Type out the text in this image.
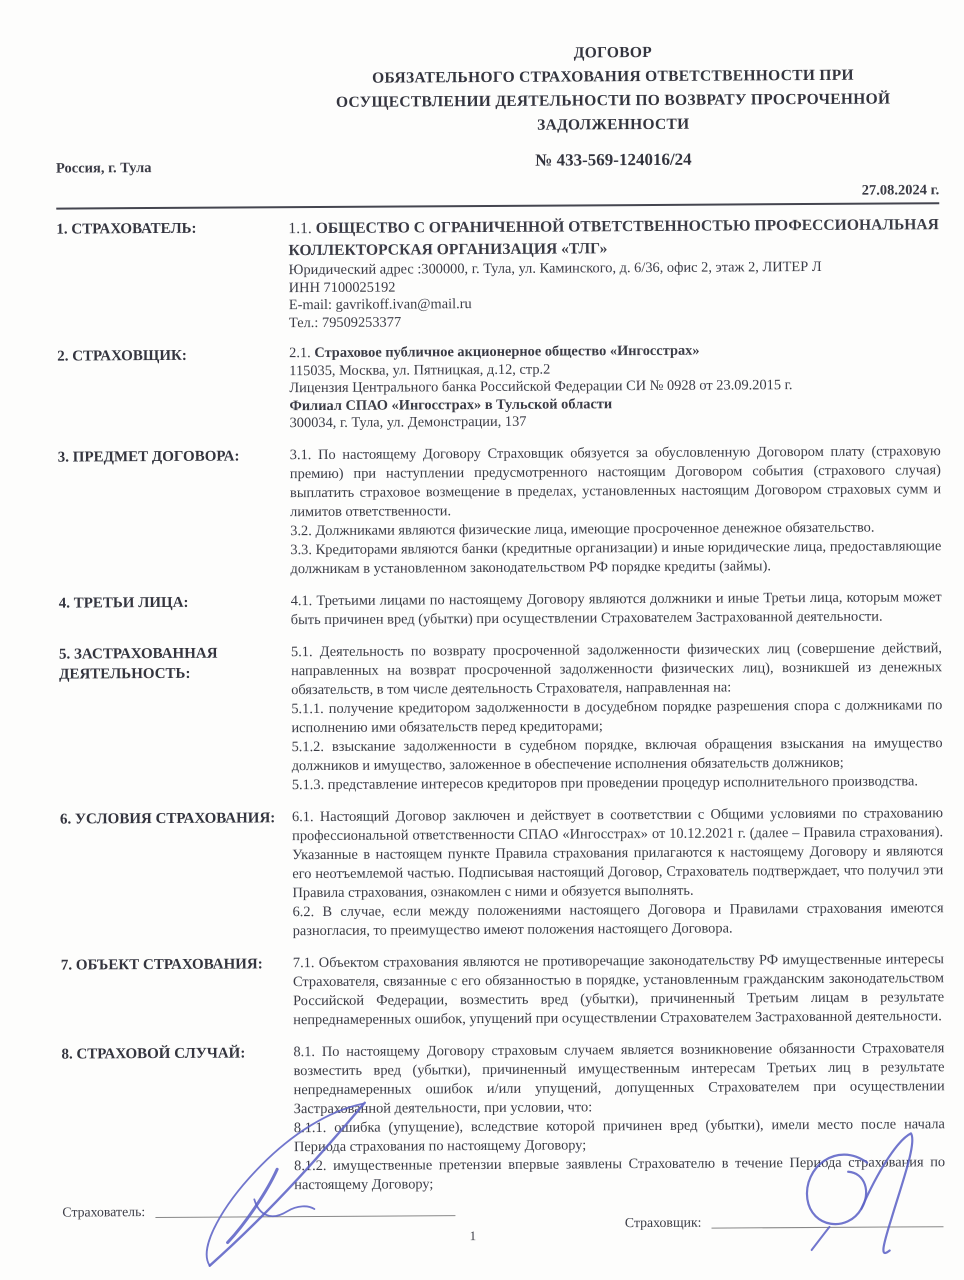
ДОГОВОР
ОБЯЗАТЕЛЬНОГО СТРАХОВАНИЯ ОТВЕТСТВЕННОСТИ ПРИ
ОСУЩЕСТВЛЕНИИ ДЕЯТЕЛЬНОСТИ ПО ВОЗВРАТУ ПРОСРОЧЕННОЙ
ЗАДОЛЖЕННОСТИ
№ 433-569-124016/24
Россия, г. Тула
27.08.2024 г.
1. СТРАХОВАТЕЛЬ:	1.1. ОБЩЕСТВО С ОГРАНИЧЕННОЙ ОТВЕТСТВЕННОСТЬЮ ПРОФЕССИОНАЛЬНАЯ КОЛЛЕКТОРСКАЯ ОРГАНИЗАЦИЯ «ТЛГ»

Юридический адрес :300000, г. Тула, ул. Каминского, д. 6/36, офис 2, этаж 2, ЛИТЕР Л

ИНН 7100025192

E-mail: gavrikoff.ivan@mail.ru

Тел.: 79509253377

2. СТРАХОВЩИК:	2.1. Страховое публичное акционерное общество «Ингосстрах»

115035, Москва, ул. Пятницкая, д.12, стр.2

Лицензия Центрального банка Российской Федерации СИ № 0928 от 23.09.2015 г.

Филиал СПАО «Ингосстрах» в Тульской области

300034, г. Тула, ул. Демонстрации, 137

3. ПРЕДМЕТ ДОГОВОРА:	3.1. По настоящему Договору Страховщик обязуется за обусловленную Договором плату (страховую премию) при наступлении предусмотренного настоящим Договором события (страхового случая) выплатить страховое возмещение в пределах, установленных настоящим Договором страховых сумм и лимитов ответственности.

3.2. Должниками являются физические лица, имеющие просроченное денежное обязательство.

3.3. Кредиторами являются банки (кредитные организации) и иные юридические лица, предоставляющие должникам в установленном законодательством РФ порядке кредиты (займы).

4. ТРЕТЬИ ЛИЦА:	4.1. Третьими лицами по настоящему Договору являются должники и иные Третьи лица, которым может быть причинен вред (убытки) при осуществлении Страхователем Застрахованной деятельности.

5. ЗАСТРАХОВАННАЯ ДЕЯТЕЛЬНОСТЬ:

5.1. Деятельность по возврату просроченной задолженности физических лиц (совершение действий, направленных на возврат просроченной задолженности физических лиц), возникшей из денежных обязательств, в том числе деятельность Страхователя, направленная на:

5.1.1. получение кредитором задолженности в досудебном порядке разрешения спора с должниками по исполнению ими обязательств перед кредиторами;

5.1.2. взыскание задолженности в судебном порядке, включая обращения взыскания на имущество должников и имущество, заложенное в обеспечение исполнения обязательств должников;

5.1.3. представление интересов кредиторов при проведении процедур исполнительного производства.

6. УСЛОВИЯ СТРАХОВАНИЯ:	6.1. Настоящий Договор заключен и действует в соответствии с Общими условиями по страхованию профессиональной ответственности СПАО «Ингосстрах» от 10.12.2021 г. (далее – Правила страхования). Указанные в настоящем пункте Правила страхования прилагаются к настоящему Договору и являются его неотъемлемой частью. Подписывая настоящий Договор, Страхователь подтверждает, что получил эти Правила страхования, ознакомлен с ними и обязуется выполнять.

6.2. В случае, если между положениями настоящего Договора и Правилами страхования имеются разногласия, то преимущество имеют положения настоящего Договора.

7. ОБЪЕКТ СТРАХОВАНИЯ:	7.1. Объектом страхования являются не противоречащие законодательству РФ имущественные интересы Страхователя, связанные с его обязанностью в порядке, установленным гражданским законодательством Российской Федерации, возместить вред (убытки), причиненный Третьим лицам в результате непреднамеренных ошибок, упущений при осуществлении Страхователем Застрахованной деятельности.

8. СТРАХОВОЙ СЛУЧАЙ:	8.1. По настоящему Договору страховым случаем является возникновение обязанности Страхователя возместить вред (убытки), причиненный имущественным интересам Третьих лиц в результате непреднамеренных ошибок и/или упущений, допущенных Страхователем при осуществлении Застрахованной деятельности, при условии, что:

8.1.1. ошибка (упущение), вследствие которой причинен вред (убытки), имели место после начала Периода страхования по настоящему Договору;

8.1.2. имущественные претензии впервые заявлены Страхователю в течение Периода страхования по настоящему Договору;

Страхователь:
Страховщик:
1
